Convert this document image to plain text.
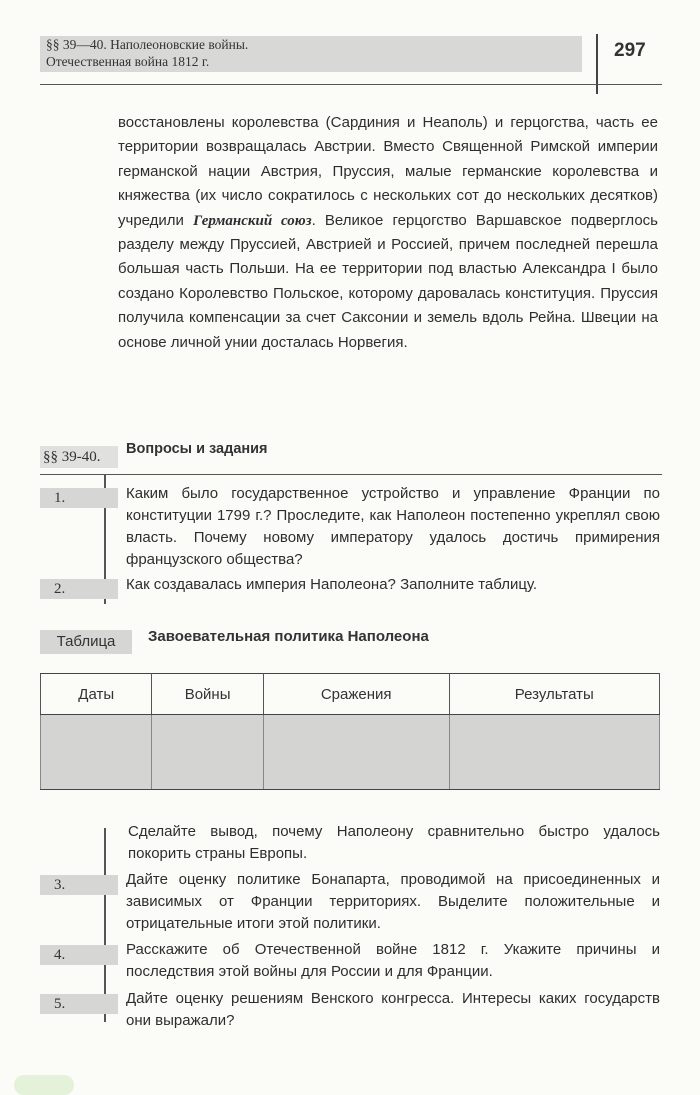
§§ 39—40. Наполеоновские войны.
Отечественная война 1812 г.
297

восстановлены королевства (Сардиния и Неаполь) и герцогства, часть ее территории возвращалась Австрии. Вместо Священной Римской империи германской нации Австрия, Пруссия, малые германские королевства и княжества (их число сократилось с нескольких сот до нескольких десятков) учредили Германский союз. Великое герцогство Варшавское подверглось разделу между Пруссией, Австрией и Россией, причем последней перешла большая часть Польши. На ее территории под властью Александра I было создано Королевство Польское, которому даровалась конституция. Пруссия получила компенсации за счет Саксонии и земель вдоль Рейна. Швеции на основе личной унии досталась Норвегия.

§§ 39-40.	Вопросы и задания
1.	Каким было государственное устройство и управление Франции по конституции 1799 г.? Проследите, как Наполеон постепенно укреплял свою власть. Почему новому императору удалось достичь примирения французского общества?
2.	Как создавалась империя Наполеона? Заполните таблицу.
Таблица	Завоевательная политика Наполеона
Даты	Войны	Сражения	Результаты

Сделайте вывод, почему Наполеону сравнительно быстро удалось покорить страны Европы.
3.	Дайте оценку политике Бонапарта, проводимой на присоединенных и зависимых от Франции территориях. Выделите положительные и отрицательные итоги этой политики.
4.	Расскажите об Отечественной войне 1812 г. Укажите причины и последствия этой войны для России и для Франции.
5.	Дайте оценку решениям Венского конгресса. Интересы каких государств они выражали?
